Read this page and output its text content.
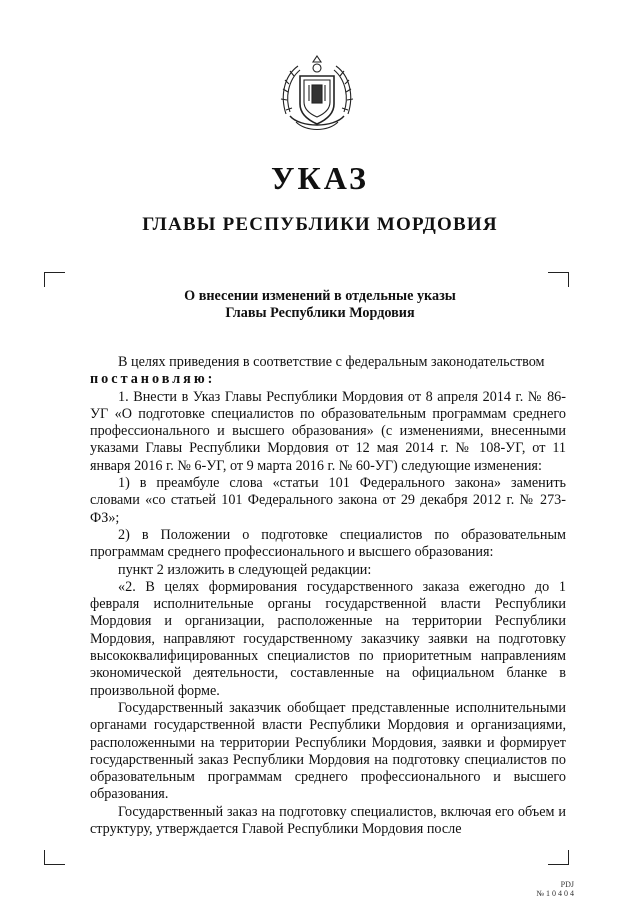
УКАЗ
ГЛАВЫ РЕСПУБЛИКИ МОРДОВИЯ
О внесении изменений в отдельные указы
Главы Республики Мордовия

В целях приведения в соответствие с федеральным законодательством

постановляю:

1. Внести в Указ Главы Республики Мордовия от 8 апреля 2014 г. № 86-УГ «О подготовке специалистов по образовательным программам среднего профессионального и высшего образования» (с изменениями, внесенными указами Главы Республики Мордовия от 12 мая 2014 г. № 108-УГ, от 11 января 2016 г. № 6-УГ, от 9 марта 2016 г. № 60-УГ) следующие изменения:

1) в преамбуле слова «статьи 101 Федерального закона» заменить словами «со статьей 101 Федерального закона от 29 декабря 2012 г. № 273-ФЗ»;

2) в Положении о подготовке специалистов по образовательным программам среднего профессионального и высшего образования:

пункт 2 изложить в следующей редакции:

«2. В целях формирования государственного заказа ежегодно до 1 февраля исполнительные органы государственной власти Республики Мордовия и организации, расположенные на территории Республики Мордовия, направляют государственному заказчику заявки на подготовку высококвалифицированных специалистов по приоритетным направлениям экономической деятельности, составленные на официальном бланке в произвольной форме.

Государственный заказчик обобщает представленные исполнительными органами государственной власти Республики Мордовия и организациями, расположенными на территории Республики Мордовия, заявки и формирует государственный заказ Республики Мордовия на подготовку специалистов по образовательным программам среднего профессионального и высшего образования.

Государственный заказ на подготовку специалистов, включая его объем и структуру, утверждается Главой Республики Мордовия после

PDJ
№ 1 0 4 0 4
